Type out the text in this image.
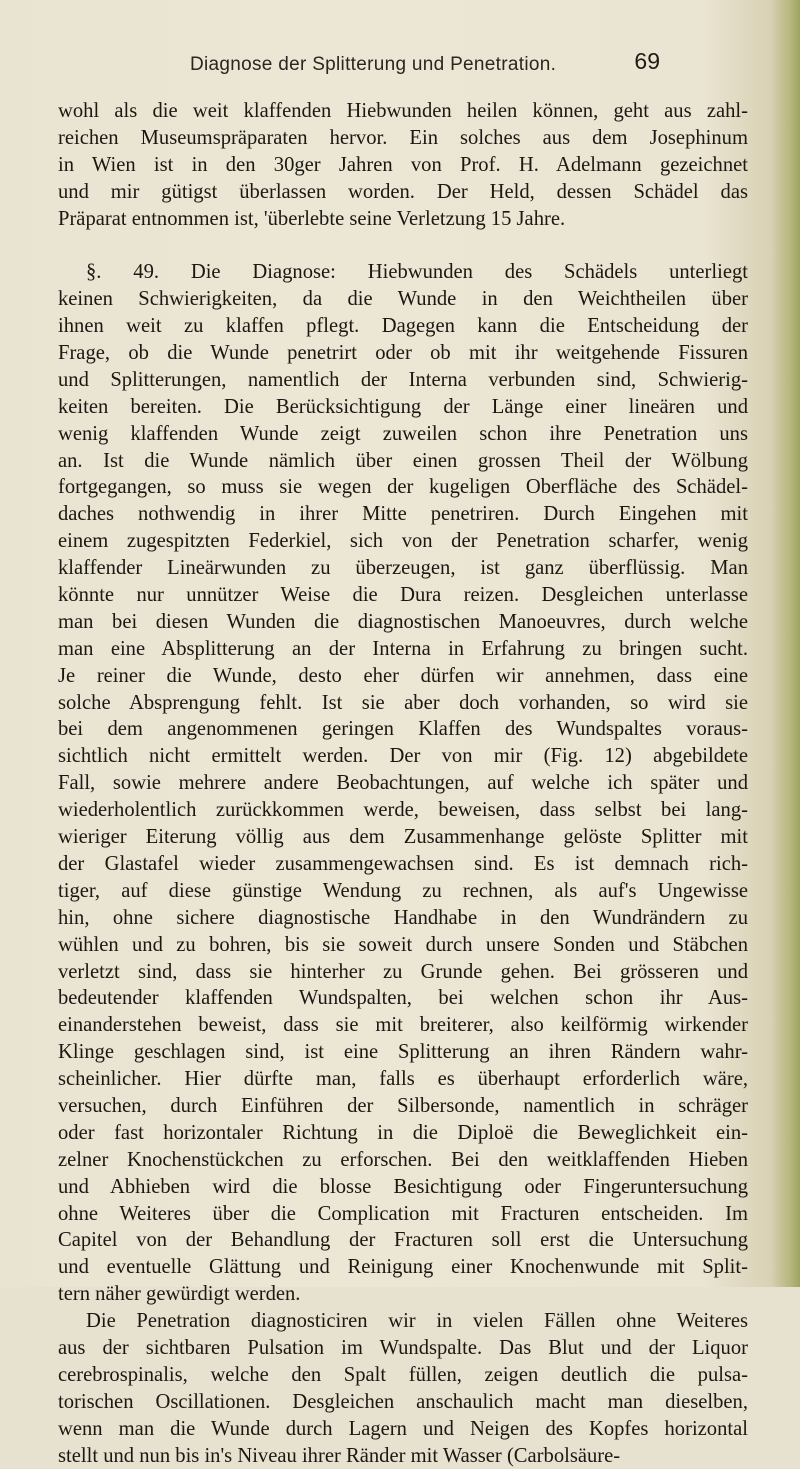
Diagnose der Splitterung und Penetration.	69
wohl als die weit klaffenden Hiebwunden heilen können, geht aus zahl-
reichen Museumspräparaten hervor. Ein solches aus dem Josephinum
in Wien ist in den 30ger Jahren von Prof. H. Adelmann gezeichnet
und mir gütigst überlassen worden. Der Held, dessen Schädel das
Präparat entnommen ist, 'überlebte seine Verletzung 15 Jahre.
§. 49. Die Diagnose: Hiebwunden des Schädels unterliegt
keinen Schwierigkeiten, da die Wunde in den Weichtheilen über
ihnen weit zu klaffen pflegt. Dagegen kann die Entscheidung der
Frage, ob die Wunde penetrirt oder ob mit ihr weitgehende Fissuren
und Splitterungen, namentlich der Interna verbunden sind, Schwierig-
keiten bereiten. Die Berücksichtigung der Länge einer lineären und
wenig klaffenden Wunde zeigt zuweilen schon ihre Penetration uns
an. Ist die Wunde nämlich über einen grossen Theil der Wölbung
fortgegangen, so muss sie wegen der kugeligen Oberfläche des Schädel-
daches nothwendig in ihrer Mitte penetriren. Durch Eingehen mit
einem zugespitzten Federkiel, sich von der Penetration scharfer, wenig
klaffender Lineärwunden zu überzeugen, ist ganz überflüssig. Man
könnte nur unnützer Weise die Dura reizen. Desgleichen unterlasse
man bei diesen Wunden die diagnostischen Manoeuvres, durch welche
man eine Absplitterung an der Interna in Erfahrung zu bringen sucht.
Je reiner die Wunde, desto eher dürfen wir annehmen, dass eine
solche Absprengung fehlt. Ist sie aber doch vorhanden, so wird sie
bei dem angenommenen geringen Klaffen des Wundspaltes voraus-
sichtlich nicht ermittelt werden. Der von mir (Fig. 12) abgebildete
Fall, sowie mehrere andere Beobachtungen, auf welche ich später und
wiederholentlich zurückkommen werde, beweisen, dass selbst bei lang-
wieriger Eiterung völlig aus dem Zusammenhange gelöste Splitter mit
der Glastafel wieder zusammengewachsen sind. Es ist demnach rich-
tiger, auf diese günstige Wendung zu rechnen, als auf's Ungewisse
hin, ohne sichere diagnostische Handhabe in den Wundrändern zu
wühlen und zu bohren, bis sie soweit durch unsere Sonden und Stäbchen
verletzt sind, dass sie hinterher zu Grunde gehen. Bei grösseren und
bedeutender klaffenden Wundspalten, bei welchen schon ihr Aus-
einanderstehen beweist, dass sie mit breiterer, also keilförmig wirkender
Klinge geschlagen sind, ist eine Splitterung an ihren Rändern wahr-
scheinlicher. Hier dürfte man, falls es überhaupt erforderlich wäre,
versuchen, durch Einführen der Silbersonde, namentlich in schräger
oder fast horizontaler Richtung in die Diploë die Beweglichkeit ein-
zelner Knochenstückchen zu erforschen. Bei den weitklaffenden Hieben
und Abhieben wird die blosse Besichtigung oder Fingeruntersuchung
ohne Weiteres über die Complication mit Fracturen entscheiden. Im
Capitel von der Behandlung der Fracturen soll erst die Untersuchung
und eventuelle Glättung und Reinigung einer Knochenwunde mit Split-
tern näher gewürdigt werden.
Die Penetration diagnosticiren wir in vielen Fällen ohne Weiteres
aus der sichtbaren Pulsation im Wundspalte. Das Blut und der Liquor
cerebrospinalis, welche den Spalt füllen, zeigen deutlich die pulsa-
torischen Oscillationen. Desgleichen anschaulich macht man dieselben,
wenn man die Wunde durch Lagern und Neigen des Kopfes horizontal
stellt und nun bis in's Niveau ihrer Ränder mit Wasser (Carbolsäure-
